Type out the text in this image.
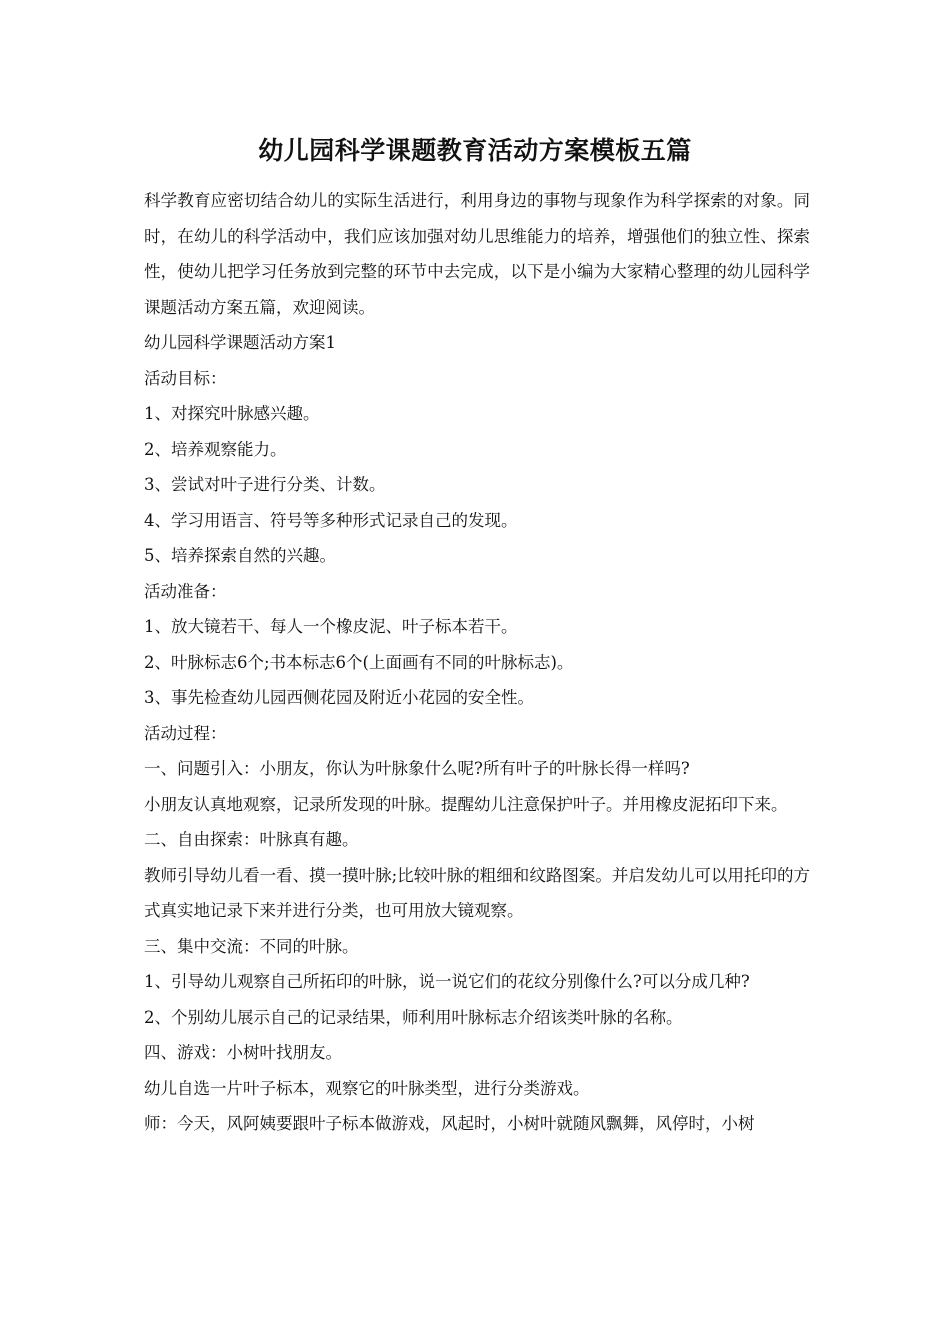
幼儿园科学课题教育活动方案模板五篇

科学教育应密切结合幼儿的实际生活进行，利用身边的事物与现象作为科学探索的对象。同时，在幼儿的科学活动中，我们应该加强对幼儿思维能力的培养，增强他们的独立性、探索性，使幼儿把学习任务放到完整的环节中去完成，以下是小编为大家精心整理的幼儿园科学课题活动方案五篇，欢迎阅读。

幼儿园科学课题活动方案1

活动目标：

1、对探究叶脉感兴趣。

2、培养观察能力。

3、尝试对叶子进行分类、计数。

4、学习用语言、符号等多种形式记录自己的发现。

5、培养探索自然的兴趣。

活动准备：

1、放大镜若干、每人一个橡皮泥、叶子标本若干。

2、叶脉标志6个;书本标志6个(上面画有不同的叶脉标志)。

3、事先检查幼儿园西侧花园及附近小花园的安全性。

活动过程：

一、问题引入：小朋友，你认为叶脉象什么呢?所有叶子的叶脉长得一样吗?

小朋友认真地观察，记录所发现的叶脉。提醒幼儿注意保护叶子。并用橡皮泥拓印下来。

二、自由探索：叶脉真有趣。

教师引导幼儿看一看、摸一摸叶脉;比较叶脉的粗细和纹路图案。并启发幼儿可以用托印的方式真实地记录下来并进行分类，也可用放大镜观察。

三、集中交流：不同的叶脉。

1、引导幼儿观察自己所拓印的叶脉，说一说它们的花纹分别像什么?可以分成几种?

2、个别幼儿展示自己的记录结果，师利用叶脉标志介绍该类叶脉的名称。

四、游戏：小树叶找朋友。

幼儿自选一片叶子标本，观察它的叶脉类型，进行分类游戏。

师：今天，风阿姨要跟叶子标本做游戏，风起时，小树叶就随风飘舞，风停时，小树
